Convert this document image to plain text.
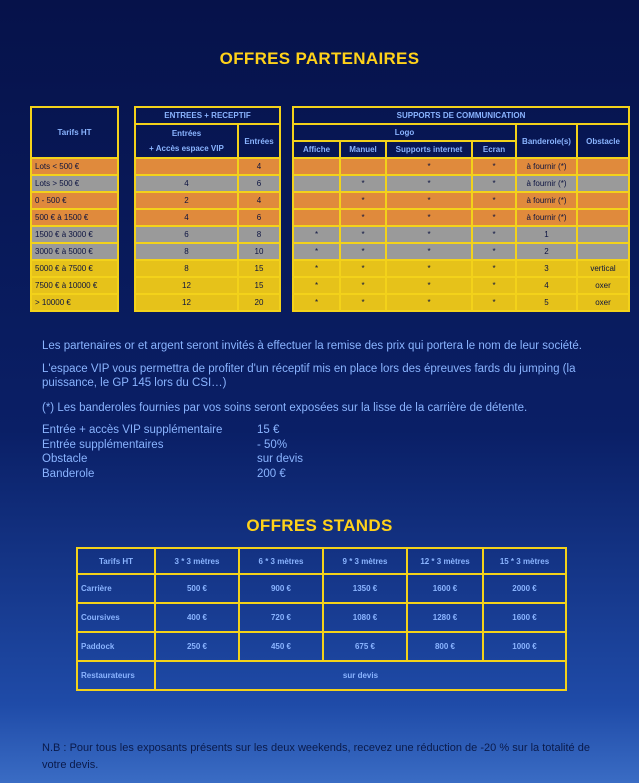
OFFRES PARTENAIRES
Tarifs HT		ENTREES + RECEPTIF			SUPPORTS DE COMMUNICATION					
		Entrées
+ Accès espace VIP	Entrées		Logo				Banderole(s)	Obstacle
					Affiche	Manuel	Supports internet	Ecran		

Lots < 500 €			4				*	*	à fournir (*)	
Lots > 500 €		4	6			*	*	*	à fournir (*)	
0 - 500 €		2	4			*	*	*	à fournir (*)	
500 € à 1500 €		4	6			*	*	*	à fournir (*)	
1500 € à 3000 €		6	8		*	*	*	*	1	
3000 € à 5000 €		8	10		*	*	*	*	2	
5000 € à 7500 €		8	15		*	*	*	*	3	vertical
7500 € à 10000 €		12	15		*	*	*	*	4	oxer
> 10000 €		12	20		*	*	*	*	5	oxer

Les partenaires or et argent seront invités à effectuer la remise des prix qui portera le nom de leur société.

L'espace VIP vous permettra de profiter d'un réceptif mis en place lors des épreuves fards du jumping (la puissance, le GP 145 lors du CSI…)

(*) Les banderoles fournies par vos soins seront exposées sur la lisse de la carrière de détente.

Entrée + accès VIP supplémentaire	15 €
Entrée supplémentaires	- 50%
Obstacle	sur devis
Banderole	200 €
OFFRES STANDS
Tarifs HT	3 * 3 mètres	6 * 3 mètres	9 * 3 mètres	12 * 3 mètres	15 * 3 mètres
Carrière	500 €	900 €	1350 €	1600 €	2000 €
Coursives	400 €	720 €	1080 €	1280 €	1600 €
Paddock	250 €	450 €	675 €	800 €	1000 €
Restaurateurs	sur devis				

N.B : Pour tous les exposants présents sur les deux weekends, recevez une réduction de -20 % sur la totalité de votre devis.
